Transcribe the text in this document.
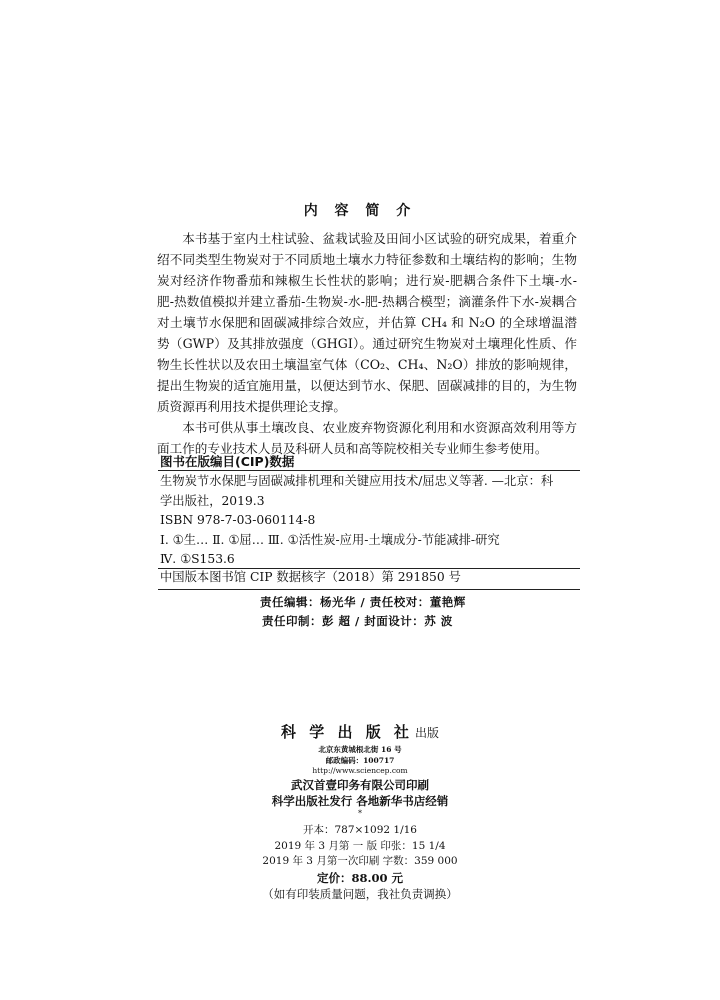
内 容 简 介

本书基于室内土柱试验、盆栽试验及田间小区试验的研究成果，着重介绍不同类型生物炭对于不同质地土壤水力特征参数和土壤结构的影响；生物炭对经济作物番茄和辣椒生长性状的影响；进行炭-肥耦合条件下土壤-水-肥-热数值模拟并建立番茄-生物炭-水-肥-热耦合模型；滴灌条件下水-炭耦合对土壤节水保肥和固碳减排综合效应，并估算 CH₄ 和 N₂O 的全球增温潜势（GWP）及其排放强度（GHGI）。通过研究生物炭对土壤理化性质、作物生长性状以及农田土壤温室气体（CO₂、CH₄、N₂O）排放的影响规律，提出生物炭的适宜施用量，以便达到节水、保肥、固碳减排的目的，为生物质资源再利用技术提供理论支撑。

本书可供从事土壤改良、农业废弃物资源化利用和水资源高效利用等方面工作的专业技术人员及科研人员和高等院校相关专业师生参考使用。

图书在版编目(CIP)数据
生物炭节水保肥与固碳减排机理和关键应用技术/屈忠义等著. —北京：科
学出版社，2019.3
ISBN 978-7-03-060114-8
Ⅰ. ①生… Ⅱ. ①屈… Ⅲ. ①活性炭-应用-土壤成分-节能减排-研究
Ⅳ. ①S153.6
中国版本图书馆 CIP 数据核字（2018）第 291850 号
责任编辑：杨光华 / 责任校对：董艳辉
责任印制：彭 超 / 封面设计：苏 波
科 学 出 版 社 出版
北京东黄城根北街 16 号
邮政编码：100717
http://www.sciencep.com
武汉首壹印务有限公司印刷
科学出版社发行 各地新华书店经销
*
开本：787×1092 1/16
2019 年 3 月第 一 版 印张：15 1/4
2019 年 3 月第一次印刷 字数：359 000
定价：88.00 元
（如有印装质量问题，我社负责调换）
